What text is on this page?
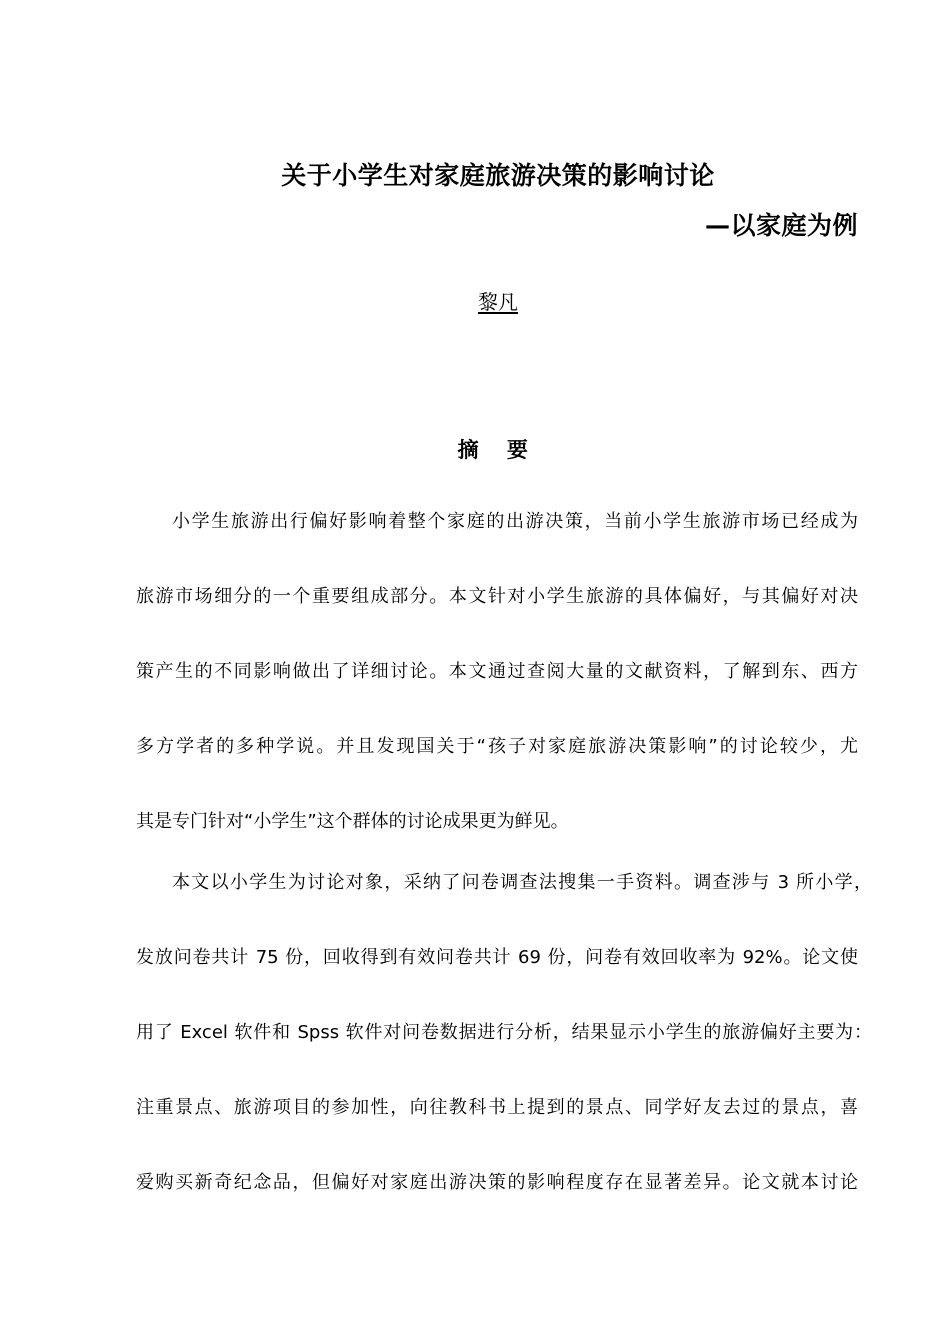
关于小学生对家庭旅游决策的影响讨论
—以家庭为例
黎凡
摘 要
小学生旅游出行偏好影响着整个家庭的出游决策，当前小学生旅游市场已经成为
旅游市场细分的一个重要组成部分。本文针对小学生旅游的具体偏好，与其偏好对决
策产生的不同影响做出了详细讨论。本文通过查阅大量的文献资料，了解到东、西方
多方学者的多种学说。并且发现国关于“孩子对家庭旅游决策影响”的讨论较少，尤
其是专门针对“小学生”这个群体的讨论成果更为鲜见。
本文以小学生为讨论对象，采纳了问卷调查法搜集一手资料。调查涉与 3 所小学，
发放问卷共计 75 份，回收得到有效问卷共计 69 份，问卷有效回收率为 92%。论文使
用了 Excel 软件和 Spss 软件对问卷数据进行分析，结果显示小学生的旅游偏好主要为：
注重景点、旅游项目的参加性，向往教科书上提到的景点、同学好友去过的景点，喜
爱购买新奇纪念品，但偏好对家庭出游决策的影响程度存在显著差异。论文就本讨论
